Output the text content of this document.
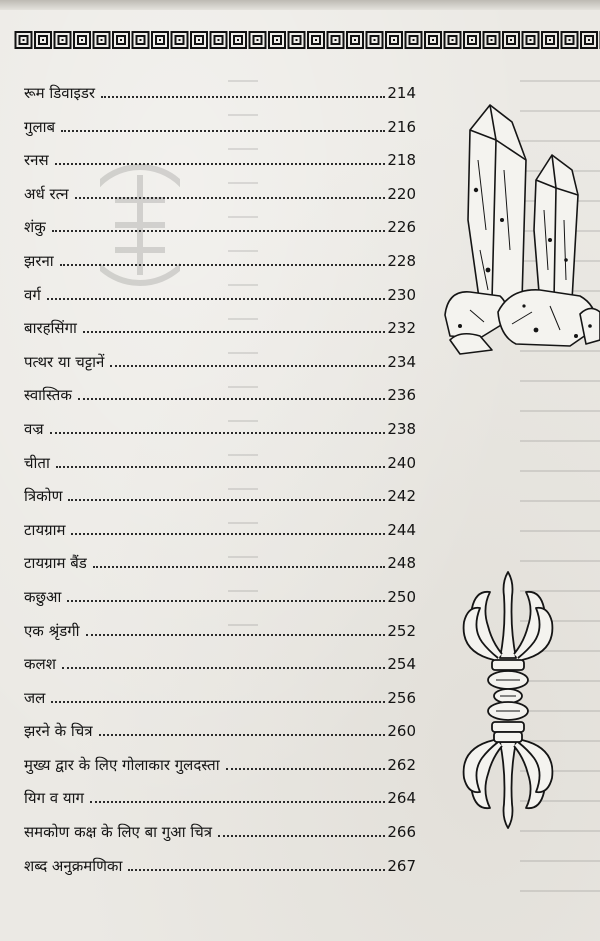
रूम डिवाइडर	214
गुलाब	216
रनस	218
अर्ध रत्न	220
शंकु	226
झरना	228
वर्ग	230
बारहसिंगा	232
पत्थर या चट्टानें	234
स्वास्तिक	236
वज्र	238
चीता	240
त्रिकोण	242
टायग्राम	244
टायग्राम बैंड	248
कछुआ	250
एक श्रृंडगी	252
कलश	254
जल	256
झरने के चित्र	260
मुख्य द्वार के लिए गोलाकार गुलदस्ता	262
यिग व याग	264
समकोण कक्ष के लिए बा गुआ चित्र	266
शब्द अनुक्रमणिका	267
